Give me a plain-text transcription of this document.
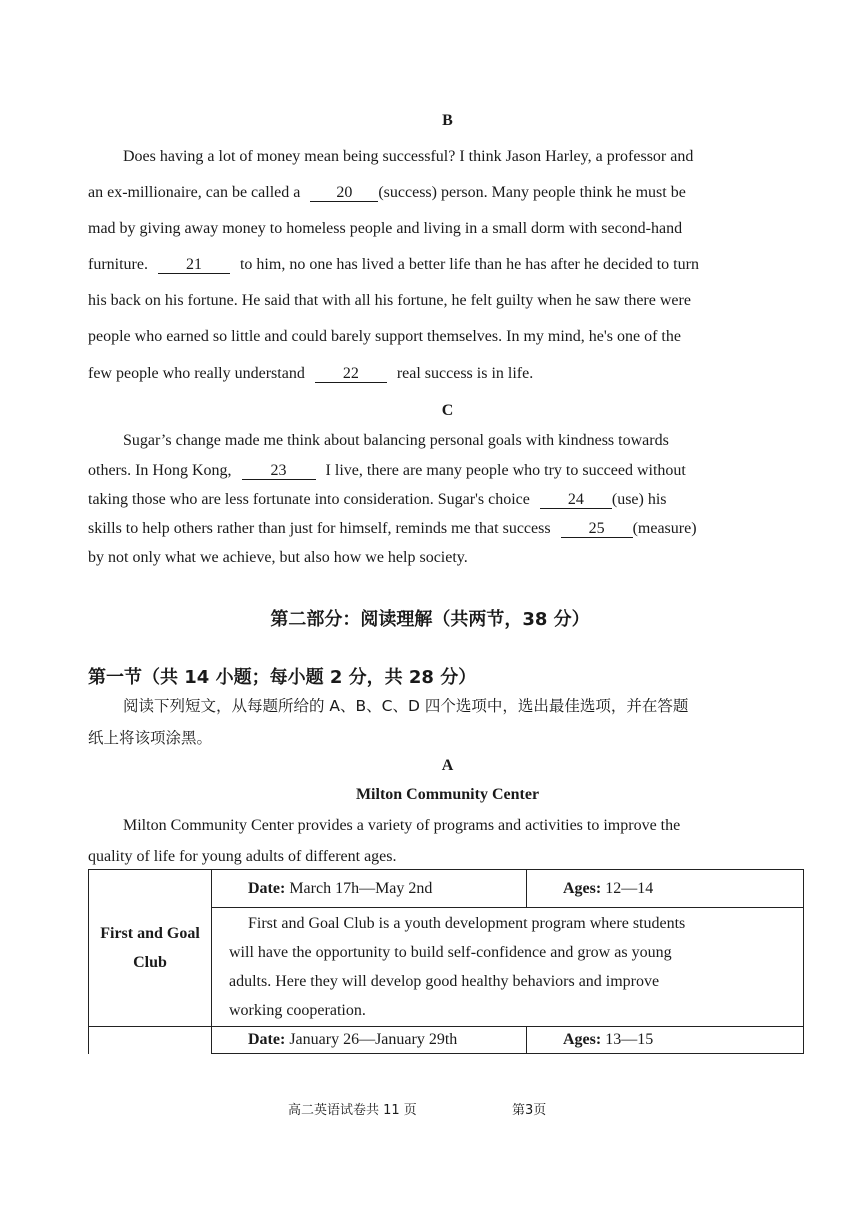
B
Does having a lot of money mean being successful? I think Jason Harley, a professor and
an ex-millionaire, can be called a 20 (success) person. Many people think he must be
mad by giving away money to homeless people and living in a small dorm with second-hand
furniture. 21 to him, no one has lived a better life than he has after he decided to turn
his back on his fortune. He said that with all his fortune, he felt guilty when he saw there were
people who earned so little and could barely support themselves. In my mind, he's one of the
few people who really understand 22 real success is in life.
C
Sugar’s change made me think about balancing personal goals with kindness towards
others. In Hong Kong, 23 I live, there are many people who try to succeed without
taking those who are less fortunate into consideration. Sugar's choice 24 (use) his
skills to help others rather than just for himself, reminds me that success 25 (measure)
by not only what we achieve, but also how we help society.
第二部分：阅读理解（共两节，38 分）
第一节（共 14 小题；每小题 2 分，共 28 分）
阅读下列短文，从每题所给的 A、B、C、D 四个选项中，选出最佳选项，并在答题
纸上将该项涂黑。
A
Milton Community Center
Milton Community Center provides a variety of programs and activities to improve the
quality of life for young adults of different ages.
First and Goal
Club	Date: March 17h—May 2nd	Ages: 12—14

	First and Goal Club is a youth development program where students
will have the opportunity to build self-confidence and grow as young
adults. Here they will develop good healthy behaviors and improve
working cooperation.	

	Date: January 26—January 29th	Ages: 13—15
高二英语试卷共 11 页	第3页
